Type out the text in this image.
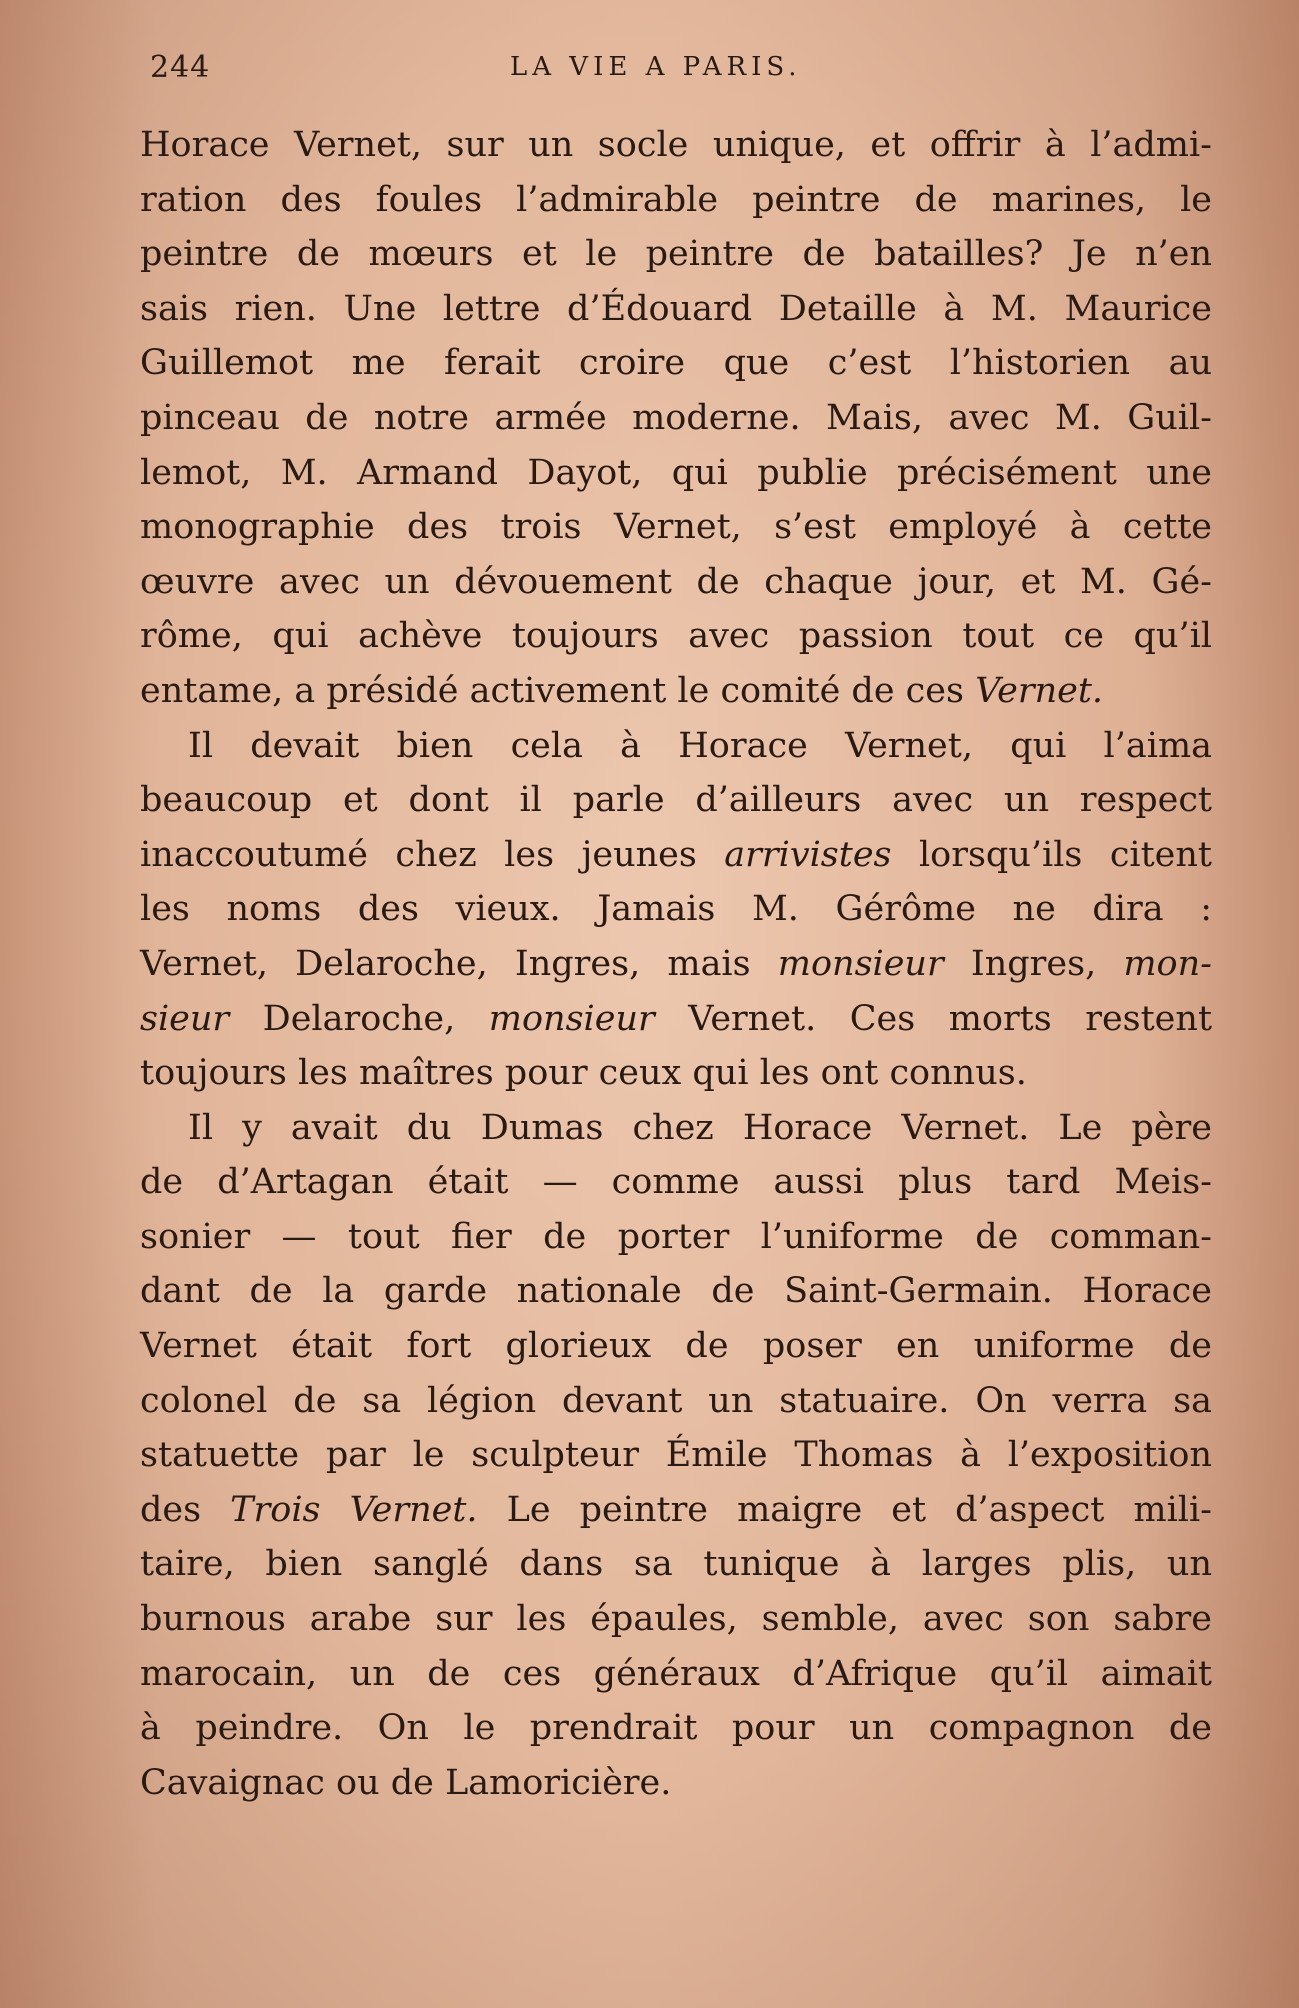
244	LA VIE A PARIS.
Horace Vernet, sur un socle unique, et offrir à l’admi-
ration des foules l’admirable peintre de marines, le
peintre de mœurs et le peintre de batailles? Je n’en
sais rien. Une lettre d’Édouard Detaille à M. Maurice
Guillemot me ferait croire que c’est l’historien au
pinceau de notre armée moderne. Mais, avec M. Guil-
lemot, M. Armand Dayot, qui publie précisément une
monographie des trois Vernet, s’est employé à cette
œuvre avec un dévouement de chaque jour, et M. Gé-
rôme, qui achève toujours avec passion tout ce qu’il
entame, a présidé activement le comité de ces Vernet.
Il devait bien cela à Horace Vernet, qui l’aima
beaucoup et dont il parle d’ailleurs avec un respect
inaccoutumé chez les jeunes arrivistes lorsqu’ils citent
les noms des vieux. Jamais M. Gérôme ne dira :
Vernet, Delaroche, Ingres, mais monsieur Ingres, mon-
sieur Delaroche, monsieur Vernet. Ces morts restent
toujours les maîtres pour ceux qui les ont connus.
Il y avait du Dumas chez Horace Vernet. Le père
de d’Artagan était — comme aussi plus tard Meis-
sonier — tout fier de porter l’uniforme de comman-
dant de la garde nationale de Saint-Germain. Horace
Vernet était fort glorieux de poser en uniforme de
colonel de sa légion devant un statuaire. On verra sa
statuette par le sculpteur Émile Thomas à l’exposition
des Trois Vernet. Le peintre maigre et d’aspect mili-
taire, bien sanglé dans sa tunique à larges plis, un
burnous arabe sur les épaules, semble, avec son sabre
marocain, un de ces généraux d’Afrique qu’il aimait
à peindre. On le prendrait pour un compagnon de
Cavaignac ou de Lamoricière.
